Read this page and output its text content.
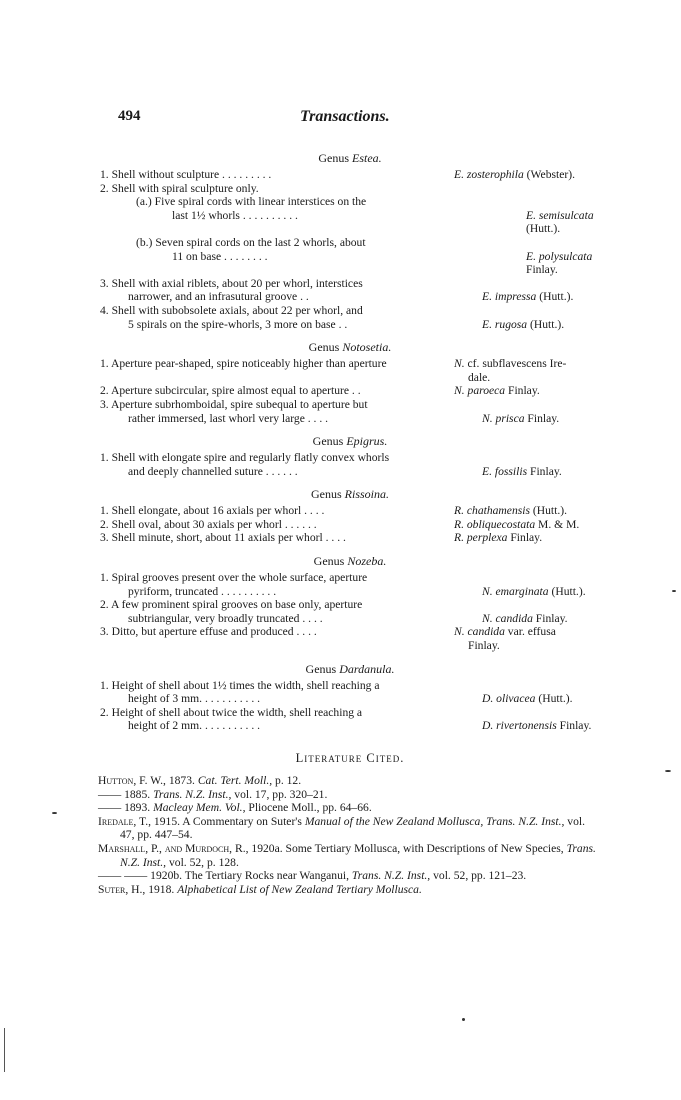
494	Transactions.
Genus Estea.
1. Shell without sculpture . . . . . . . . .	E. zosterophila (Webster).
2. Shell with spiral sculpture only.
(a.) Five spiral cords with linear interstices on the
last 1½ whorls . . . . . . . . . .	E. semisulcata (Hutt.).
(b.) Seven spiral cords on the last 2 whorls, about
11 on base . . . . . . . .	E. polysulcata Finlay.
3. Shell with axial riblets, about 20 per whorl, interstices
narrower, and an infrasutural groove . .	E. impressa (Hutt.).
4. Shell with subobsolete axials, about 22 per whorl, and
5 spirals on the spire-whorls, 3 more on base . .	E. rugosa (Hutt.).
Genus Notosetia.
1. Aperture pear-shaped, spire noticeably higher than aperture	N. cf. subflavescens Ire-
dale.
2. Aperture subcircular, spire almost equal to aperture . .	N. paroeca Finlay.
3. Aperture subrhomboidal, spire subequal to aperture but
rather immersed, last whorl very large . . . .	N. prisca Finlay.
Genus Epigrus.
1. Shell with elongate spire and regularly flatly convex whorls
and deeply channelled suture . . . . . .	E. fossilis Finlay.
Genus Rissoina.
1. Shell elongate, about 16 axials per whorl . . . .	R. chathamensis (Hutt.).
2. Shell oval, about 30 axials per whorl . . . . . .	R. obliquecostata M. & M.
3. Shell minute, short, about 11 axials per whorl . . . .	R. perplexa Finlay.
Genus Nozeba.
1. Spiral grooves present over the whole surface, aperture
pyriform, truncated . . . . . . . . . .	N. emarginata (Hutt.).
2. A few prominent spiral grooves on base only, aperture
subtriangular, very broadly truncated . . . .	N. candida Finlay.
3. Ditto, but aperture effuse and produced . . . .	N. candida var. effusa
Finlay.
Genus Dardanula.
1. Height of shell about 1½ times the width, shell reaching a
height of 3 mm. . . . . . . . . . .	D. olivacea (Hutt.).
2. Height of shell about twice the width, shell reaching a
height of 2 mm. . . . . . . . . . .	D. rivertonensis Finlay.
Literature Cited.
Hutton, F. W., 1873. Cat. Tert. Moll., p. 12.
—— 1885. Trans. N.Z. Inst., vol. 17, pp. 320–21.
—— 1893. Macleay Mem. Vol., Pliocene Moll., pp. 64–66.
Iredale, T., 1915. A Commentary on Suter's Manual of the New Zealand Mollusca, Trans. N.Z. Inst., vol. 47, pp. 447–54.
Marshall, P., and Murdoch, R., 1920a. Some Tertiary Mollusca, with Descriptions of New Species, Trans. N.Z. Inst., vol. 52, p. 128.
—— —— 1920b. The Tertiary Rocks near Wanganui, Trans. N.Z. Inst., vol. 52, pp. 121–23.
Suter, H., 1918. Alphabetical List of New Zealand Tertiary Mollusca.
